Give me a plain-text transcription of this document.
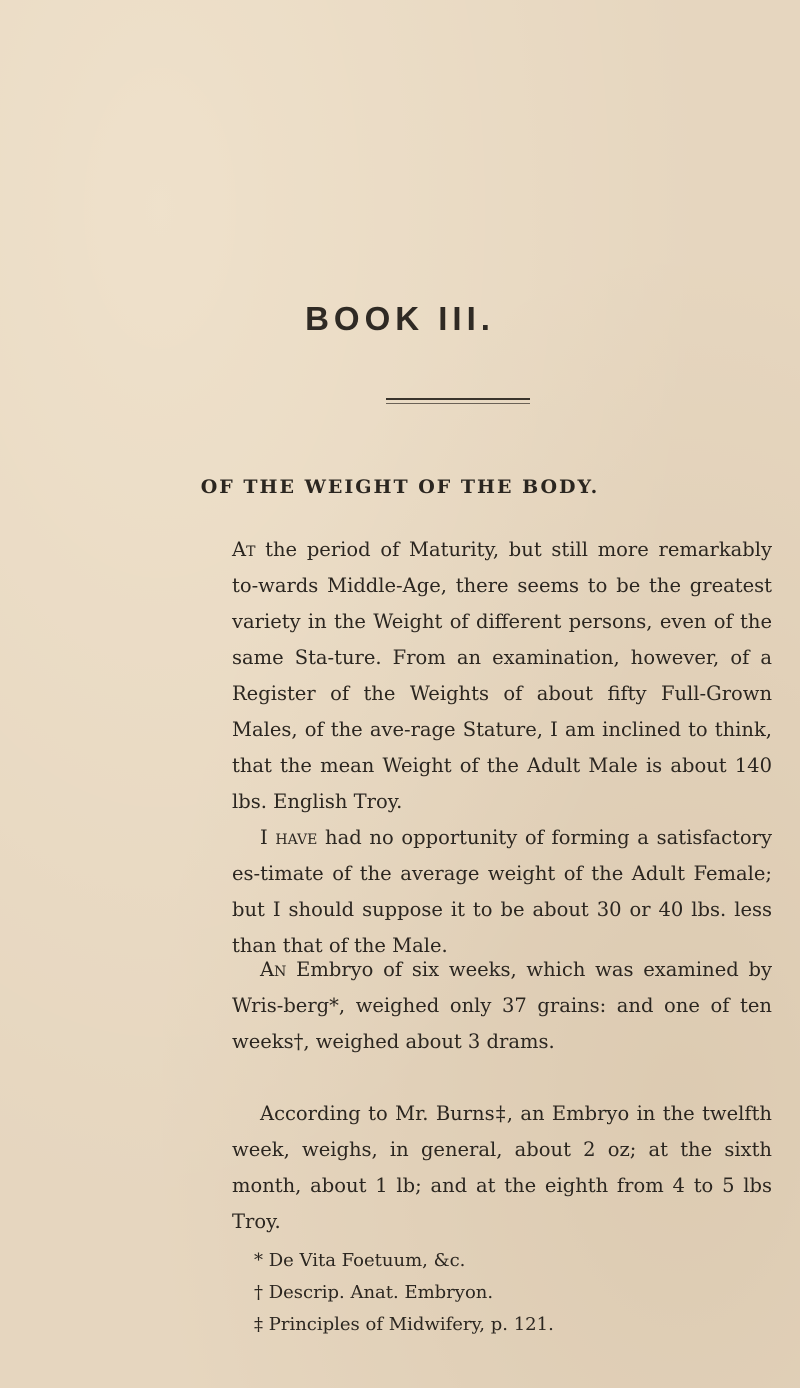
BOOK III.
OF THE WEIGHT OF THE BODY.

At the period of Maturity, but still more remarkably to-wards Middle-Age, there seems to be the greatest variety in the Weight of different persons, even of the same Sta-ture. From an examination, however, of a Register of the Weights of about fifty Full-Grown Males, of the ave-rage Stature, I am inclined to think, that the mean Weight of the Adult Male is about 140 lbs. English Troy.

I have had no opportunity of forming a satisfactory es-timate of the average weight of the Adult Female; but I should suppose it to be about 30 or 40 lbs. less than that of the Male.

An Embryo of six weeks, which was examined by Wris-berg*, weighed only 37 grains: and one of ten weeks†, weighed about 3 drams.

According to Mr. Burns‡, an Embryo in the twelfth week, weighs, in general, about 2 oz; at the sixth month, about 1 lb; and at the eighth from 4 to 5 lbs Troy.

* De Vita Foetuum, &c.
† Descrip. Anat. Embryon.
‡ Principles of Midwifery, p. 121.
